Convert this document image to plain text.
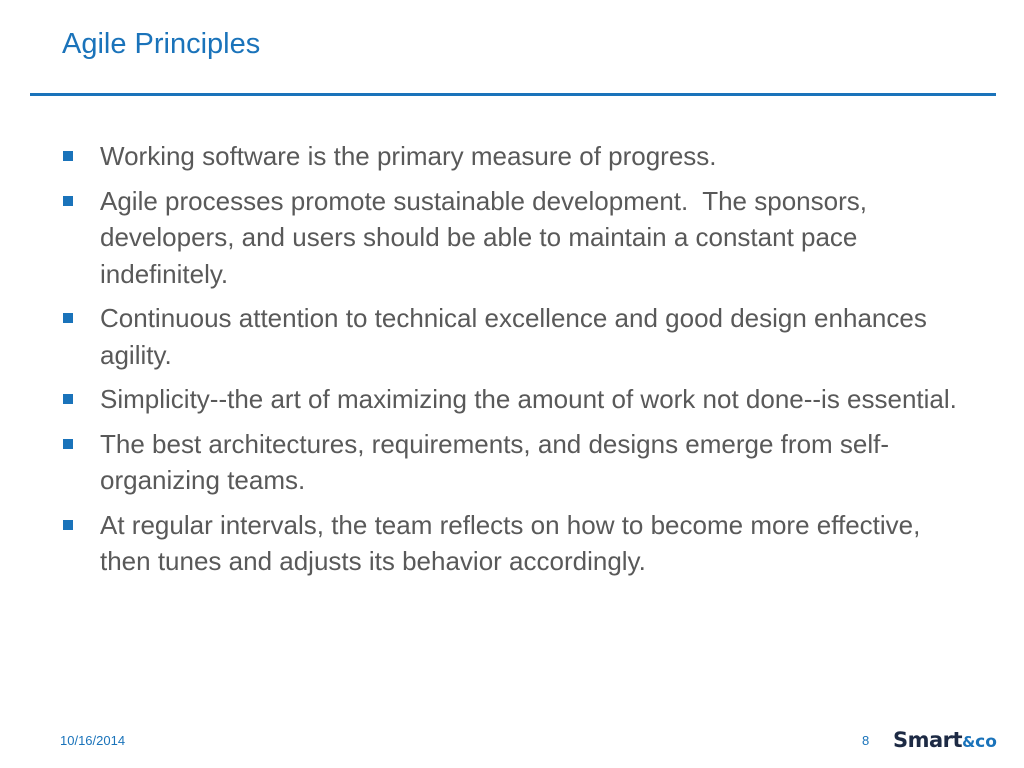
Agile Principles
Working software is the primary measure of progress.
Agile processes promote sustainable development.  The sponsors, developers, and users should be able to maintain a constant pace indefinitely.
Continuous attention to technical excellence and good design enhances agility.
Simplicity--the art of maximizing the amount of work not done--is essential.
The best architectures, requirements, and designs emerge from self-organizing teams.
At regular intervals, the team reflects on how to become more effective, then tunes and adjusts its behavior accordingly.
10/16/2014	8 Smart&co
